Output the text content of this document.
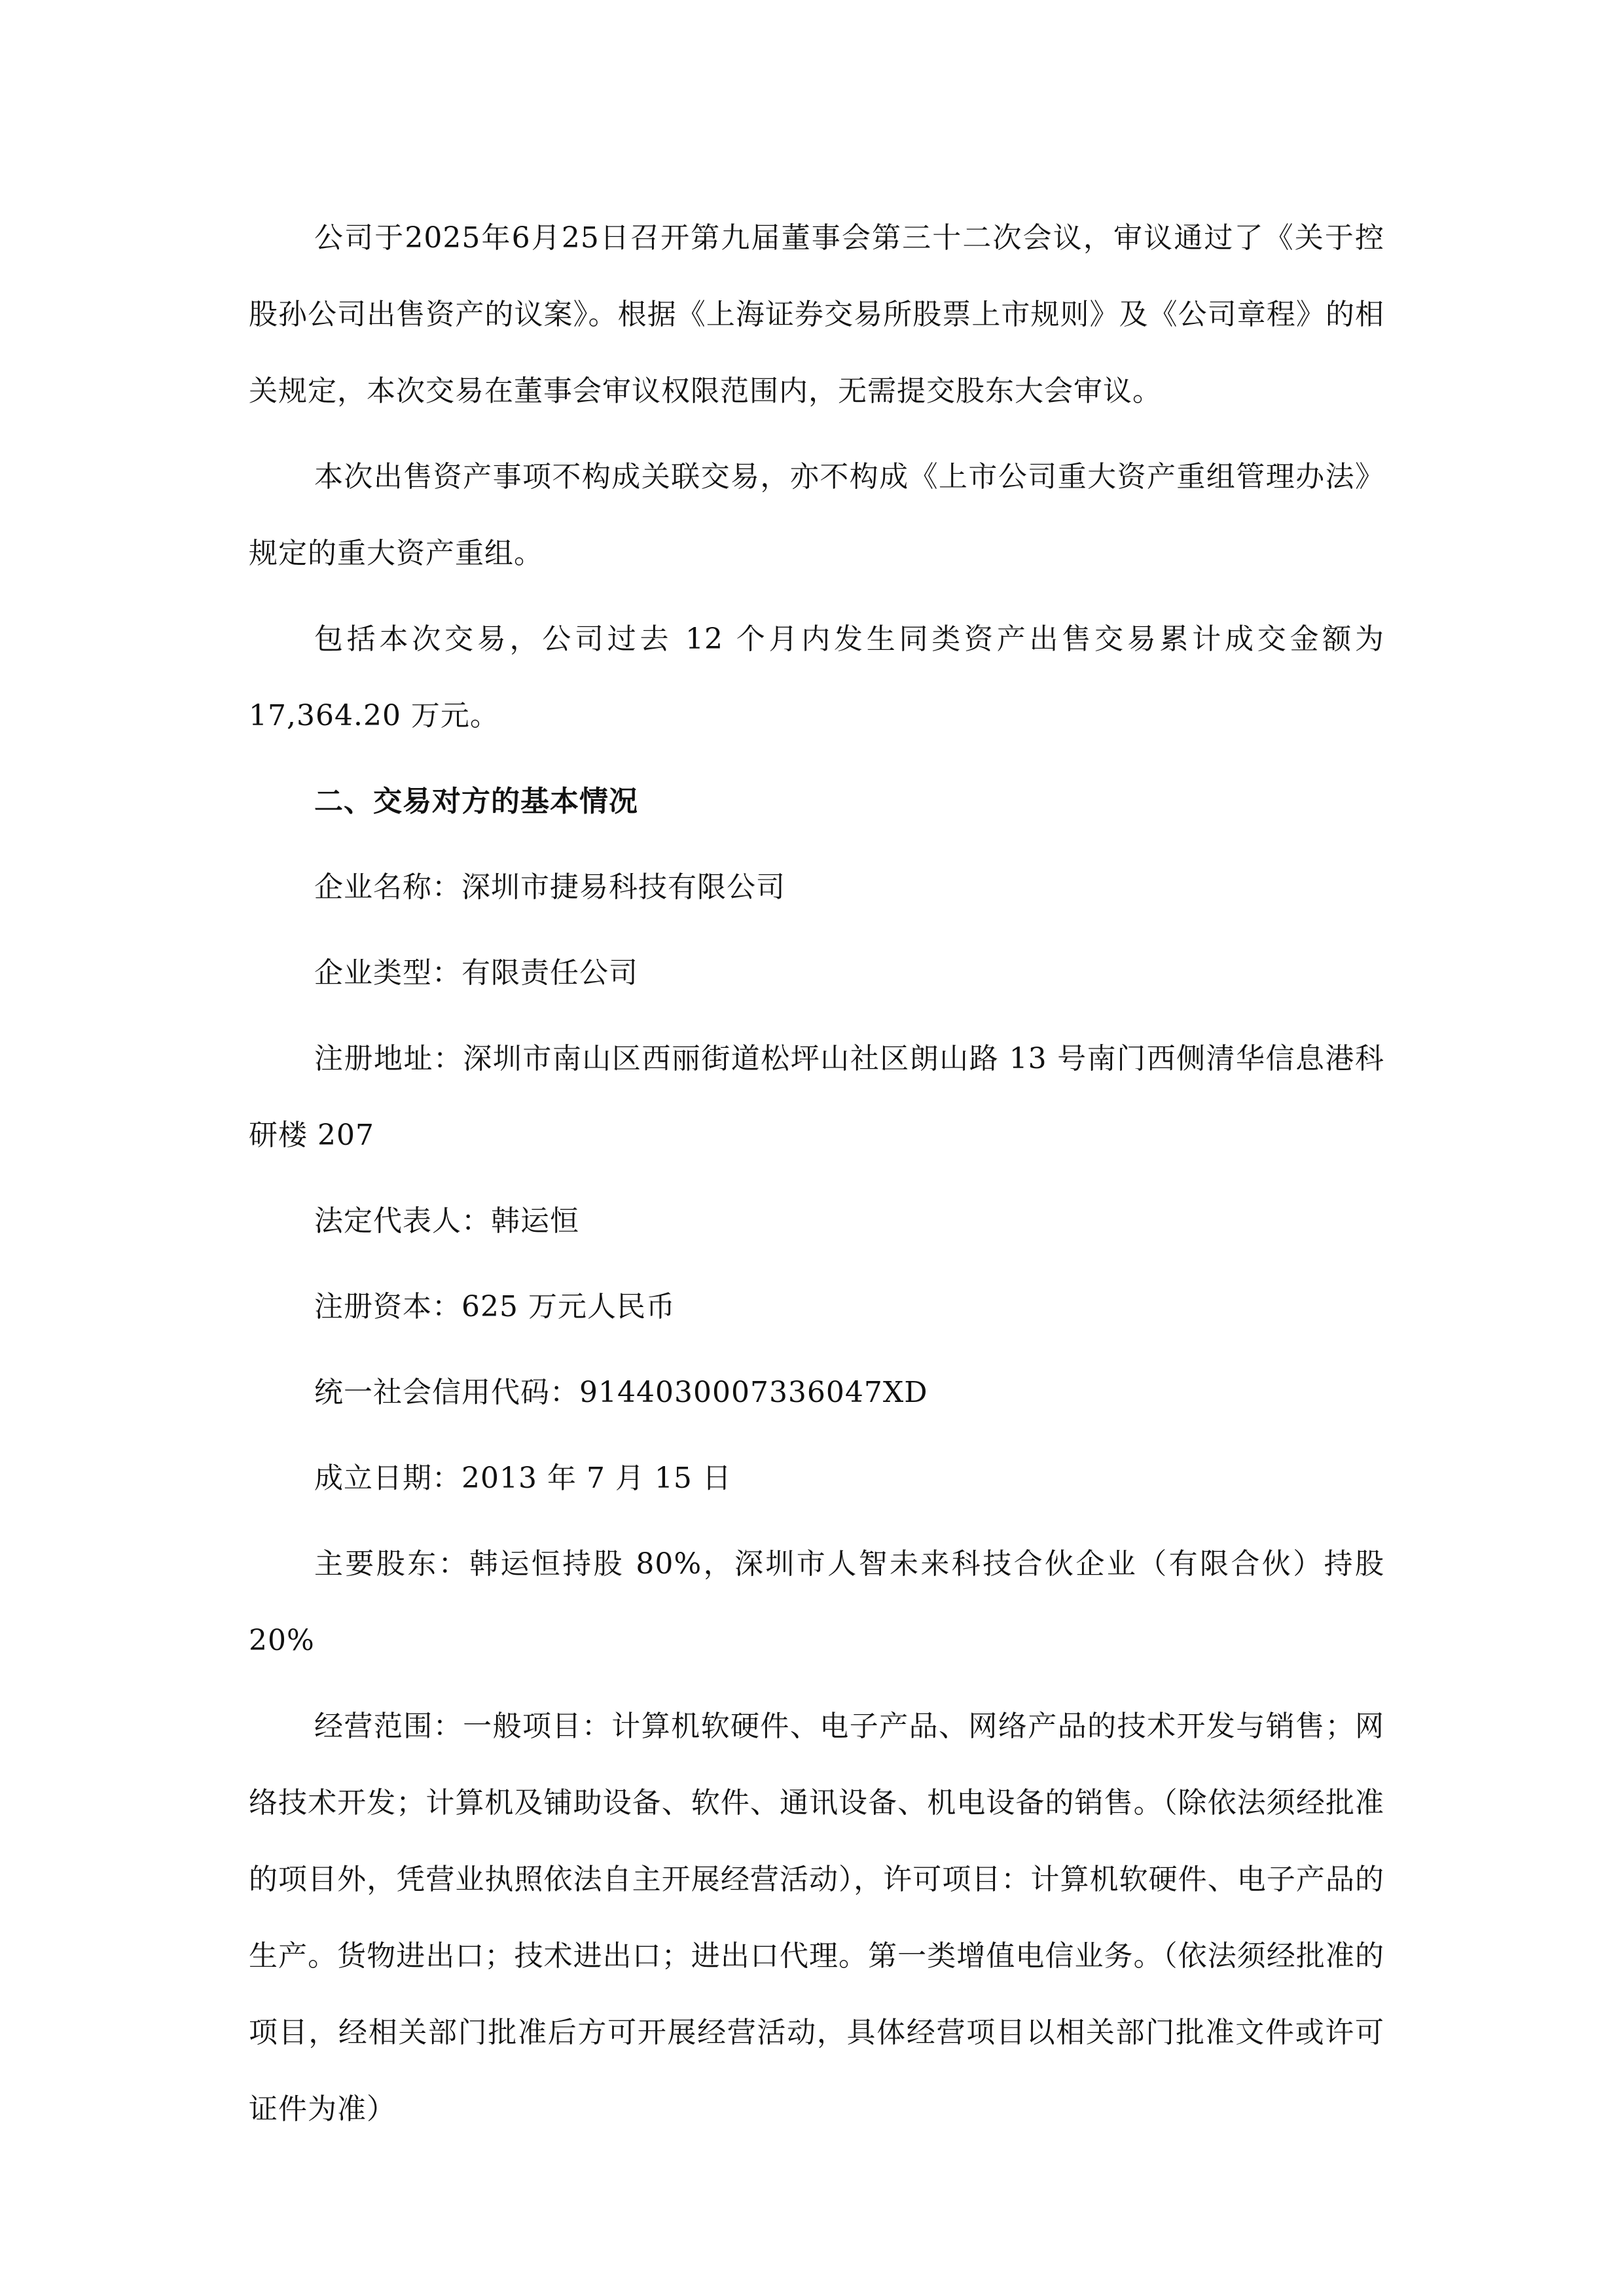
公司于2025年6月25日召开第九届董事会第三十二次会议，审议通过了《关于控股孙公司出售资产的议案》。根据《上海证券交易所股票上市规则》及《公司章程》的相关规定，本次交易在董事会审议权限范围内，无需提交股东大会审议。

本次出售资产事项不构成关联交易，亦不构成《上市公司重大资产重组管理办法》规定的重大资产重组。

包括本次交易，公司过去 12 个月内发生同类资产出售交易累计成交金额为 17,364.20 万元。

二、交易对方的基本情况

企业名称：深圳市捷易科技有限公司

企业类型：有限责任公司

注册地址：深圳市南山区西丽街道松坪山社区朗山路 13 号南门西侧清华信息港科研楼 207

法定代表人：韩运恒

注册资本：625 万元人民币

统一社会信用代码：9144030007336047XD

成立日期：2013 年 7 月 15 日

主要股东：韩运恒持股 80%，深圳市人智未来科技合伙企业（有限合伙）持股 20%

经营范围：一般项目：计算机软硬件、电子产品、网络产品的技术开发与销售；网络技术开发；计算机及铺助设备、软件、通讯设备、机电设备的销售。（除依法须经批准的项目外，凭营业执照依法自主开展经营活动），许可项目：计算机软硬件、电子产品的生产。货物进出口；技术进出口；进出口代理。第一类增值电信业务。（依法须经批准的项目，经相关部门批准后方可开展经营活动，具体经营项目以相关部门批准文件或许可证件为准）
